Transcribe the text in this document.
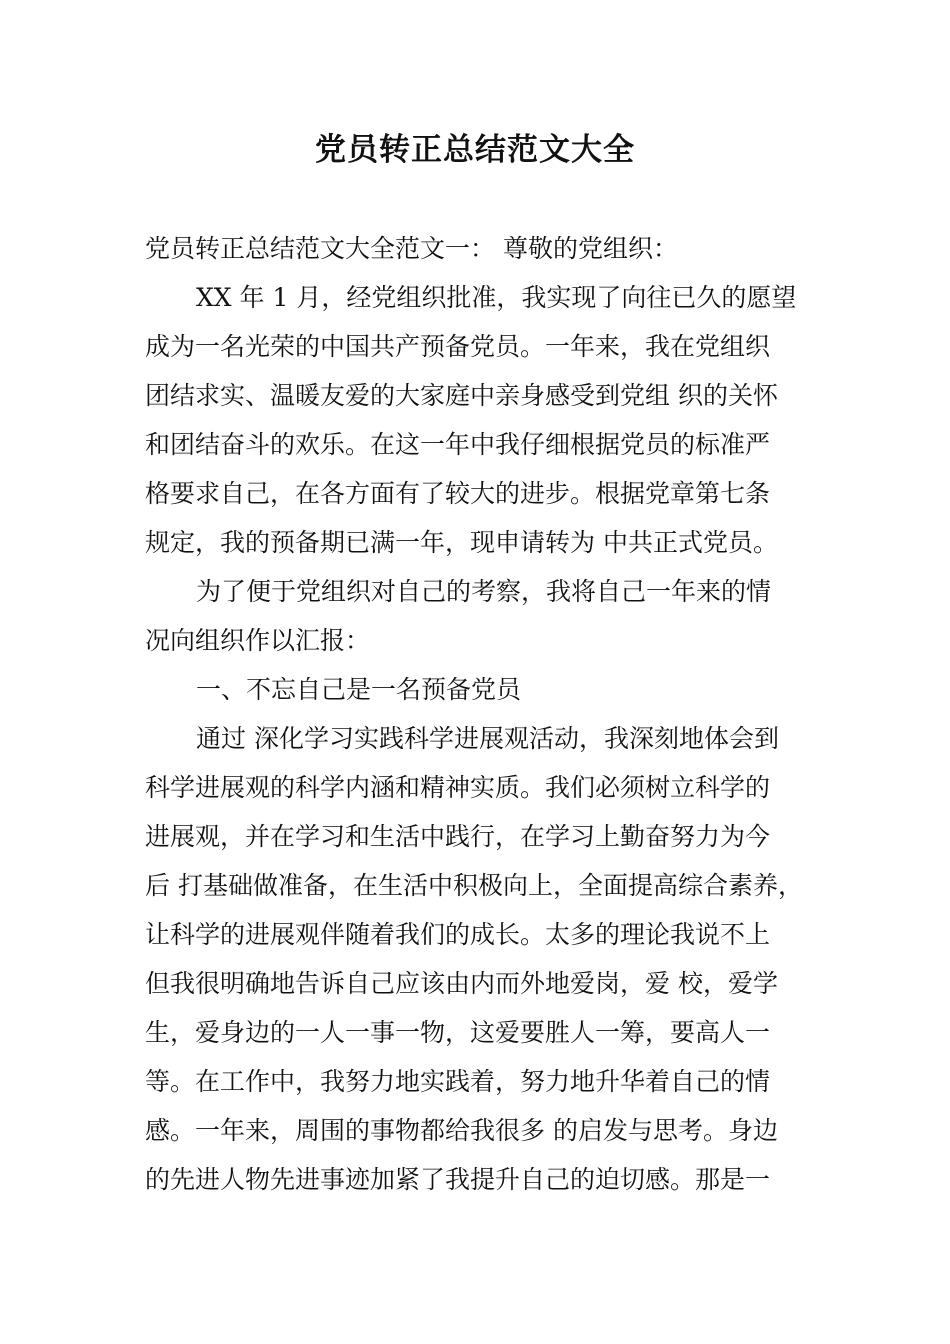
党员转正总结范文大全

党员转正总结范文大全范文一： 尊敬的党组织：

XX 年 1 月，经党组织批准，我实现了向往已久的愿望

成为一名光荣的中国共产预备党员。一年来，我在党组织

团结求实、温暖友爱的大家庭中亲身感受到党组 织的关怀

和团结奋斗的欢乐。在这一年中我仔细根据党员的标准严

格要求自己，在各方面有了较大的进步。根据党章第七条

规定，我的预备期已满一年，现申请转为 中共正式党员。

为了便于党组织对自己的考察，我将自己一年来的情

况向组织作以汇报：

一、不忘自己是一名预备党员

通过 深化学习实践科学进展观活动，我深刻地体会到

科学进展观的科学内涵和精神实质。我们必须树立科学的

进展观，并在学习和生活中践行，在学习上勤奋努力为今

后 打基础做准备，在生活中积极向上，全面提高综合素养，

让科学的进展观伴随着我们的成长。太多的理论我说不上

但我很明确地告诉自己应该由内而外地爱岗，爱 校，爱学

生，爱身边的一人一事一物，这爱要胜人一筹，要高人一

等。在工作中，我努力地实践着，努力地升华着自己的情

感。一年来，周围的事物都给我很多 的启发与思考。身边

的先进人物先进事迹加紧了我提升自己的迫切感。那是一
